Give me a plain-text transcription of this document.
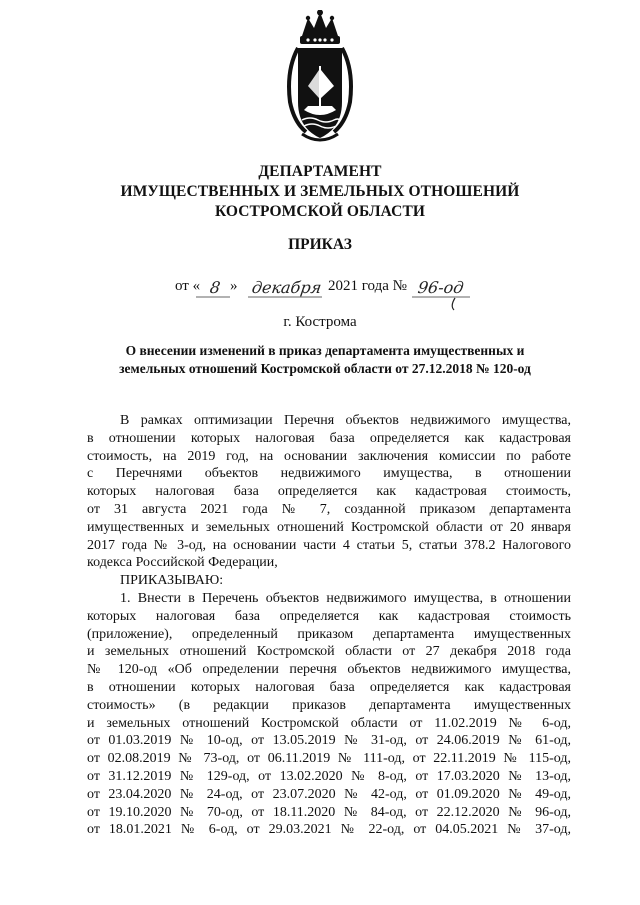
ДЕПАРТАМЕНТ
ИМУЩЕСТВЕННЫХ И ЗЕМЕЛЬНЫХ ОТНОШЕНИЙ
КОСТРОМСКОЙ ОБЛАСТИ
ПРИКАЗ
от « 8 » декабря 2021 года № 96-од
г. Кострома
О внесении изменений в приказ департамента имущественных и
земельных отношений Костромской области от 27.12.2018 № 120-од
В рамках оптимизации Перечня объектов недвижимого имущества,
в отношении которых налоговая база определяется как кадастровая
стоимость, на 2019 год, на основании заключения комиссии по работе
с Перечнями объектов недвижимого имущества, в отношении
которых налоговая база определяется как кадастровая стоимость,
от 31 августа 2021 года № 7, созданной приказом департамента
имущественных и земельных отношений Костромской области от 20 января
2017 года № 3-од, на основании части 4 статьи 5, статьи 378.2 Налогового
кодекса Российской Федерации,
ПРИКАЗЫВАЮ:
1. Внести в Перечень объектов недвижимого имущества, в отношении
которых налоговая база определяется как кадастровая стоимость
(приложение), определенный приказом департамента имущественных
и земельных отношений Костромской области от 27 декабря 2018 года
№ 120-од «Об определении перечня объектов недвижимого имущества,
в отношении которых налоговая база определяется как кадастровая
стоимость» (в редакции приказов департамента имущественных
и земельных отношений Костромской области от 11.02.2019 № 6-од,
от 01.03.2019 № 10-од, от 13.05.2019 № 31-од, от 24.06.2019 № 61-од,
от 02.08.2019 № 73-од, от 06.11.2019 № 111-од, от 22.11.2019 № 115-од,
от 31.12.2019 № 129-од, от 13.02.2020 № 8-од, от 17.03.2020 № 13-од,
от 23.04.2020 № 24-од, от 23.07.2020 № 42-од, от 01.09.2020 № 49-од,
от 19.10.2020 № 70-од, от 18.11.2020 № 84-од, от 22.12.2020 № 96-од,
от 18.01.2021 № 6-од, от 29.03.2021 № 22-од, от 04.05.2021 № 37-од,
